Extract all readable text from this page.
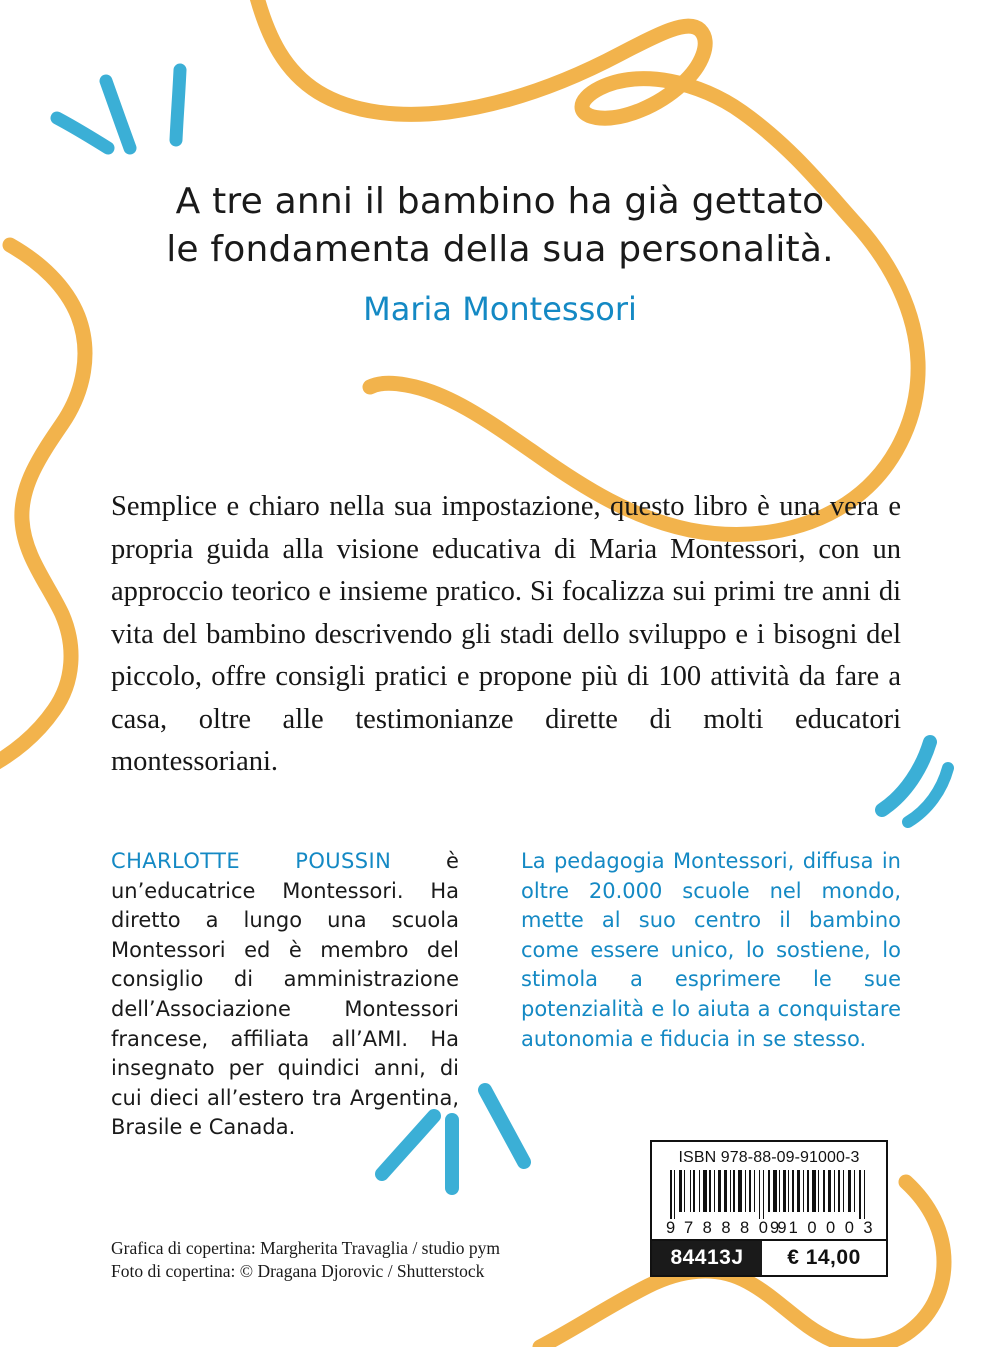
A tre anni il bambino ha già gettato
le fondamenta della sua personalità.
Maria Montessori

Semplice e chiaro nella sua impostazione, questo libro è una vera e propria guida alla visione educativa di Maria Montessori, con un approccio teorico e insieme pratico. Si focalizza sui primi tre anni di vita del bambino descrivendo gli stadi dello sviluppo e i bisogni del piccolo, offre consigli pratici e propone più di 100 attività da fare a casa, oltre alle testimonianze dirette di molti educatori montessoriani.

CHARLOTTE POUSSIN è un’educatrice Montessori. Ha diretto a lungo una scuola Montessori ed è membro del consiglio di amministrazione dell’Associazione Montessori francese, affiliata all’AMI. Ha insegnato per quindici anni, di cui dieci all’estero tra Argentina, Brasile e Canada.

La pedagogia Montessori, diffusa in oltre 20.000 scuole nel mondo, mette al suo centro il bambino come essere unico, lo sostiene, lo stimola a esprimere le sue potenzialità e lo aiuta a conquistare autonomia e fiducia in se stesso.

Grafica di copertina: Margherita Travaglia / studio pym
Foto di copertina: © Dragana Djorovic / Shutterstock
ISBN 978-88-09-91000-3
9 788809
910003
84413J	€ 14,00
